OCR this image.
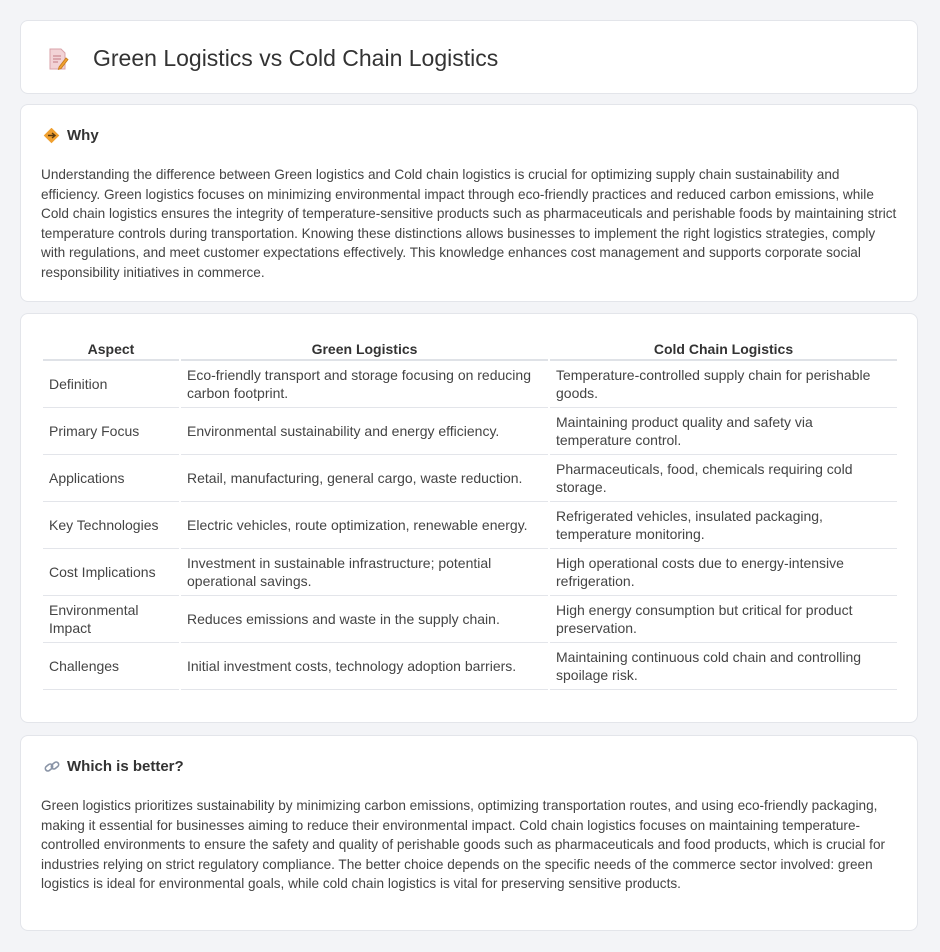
Green Logistics vs Cold Chain Logistics
Why

Understanding the difference between Green logistics and Cold chain logistics is crucial for optimizing supply chain sustainability and efficiency. Green logistics focuses on minimizing environmental impact through eco-friendly practices and reduced carbon emissions, while Cold chain logistics ensures the integrity of temperature-sensitive products such as pharmaceuticals and perishable foods by maintaining strict temperature controls during transportation. Knowing these distinctions allows businesses to implement the right logistics strategies, comply with regulations, and meet customer expectations effectively. This knowledge enhances cost management and supports corporate social responsibility initiatives in commerce.

Aspect	Green Logistics	Cold Chain Logistics
Definition	Eco-friendly transport and storage focusing on reducing carbon footprint.	Temperature-controlled supply chain for perishable goods.
Primary Focus	Environmental sustainability and energy efficiency.	Maintaining product quality and safety via temperature control.
Applications	Retail, manufacturing, general cargo, waste reduction.	Pharmaceuticals, food, chemicals requiring cold storage.
Key Technologies	Electric vehicles, route optimization, renewable energy.	Refrigerated vehicles, insulated packaging, temperature monitoring.
Cost Implications	Investment in sustainable infrastructure; potential operational savings.	High operational costs due to energy-intensive refrigeration.
Environmental Impact	Reduces emissions and waste in the supply chain.	High energy consumption but critical for product preservation.
Challenges	Initial investment costs, technology adoption barriers.	Maintaining continuous cold chain and controlling spoilage risk.
Which is better?

Green logistics prioritizes sustainability by minimizing carbon emissions, optimizing transportation routes, and using eco-friendly packaging, making it essential for businesses aiming to reduce their environmental impact. Cold chain logistics focuses on maintaining temperature-controlled environments to ensure the safety and quality of perishable goods such as pharmaceuticals and food products, which is crucial for industries relying on strict regulatory compliance. The better choice depends on the specific needs of the commerce sector involved: green logistics is ideal for environmental goals, while cold chain logistics is vital for preserving sensitive products.
